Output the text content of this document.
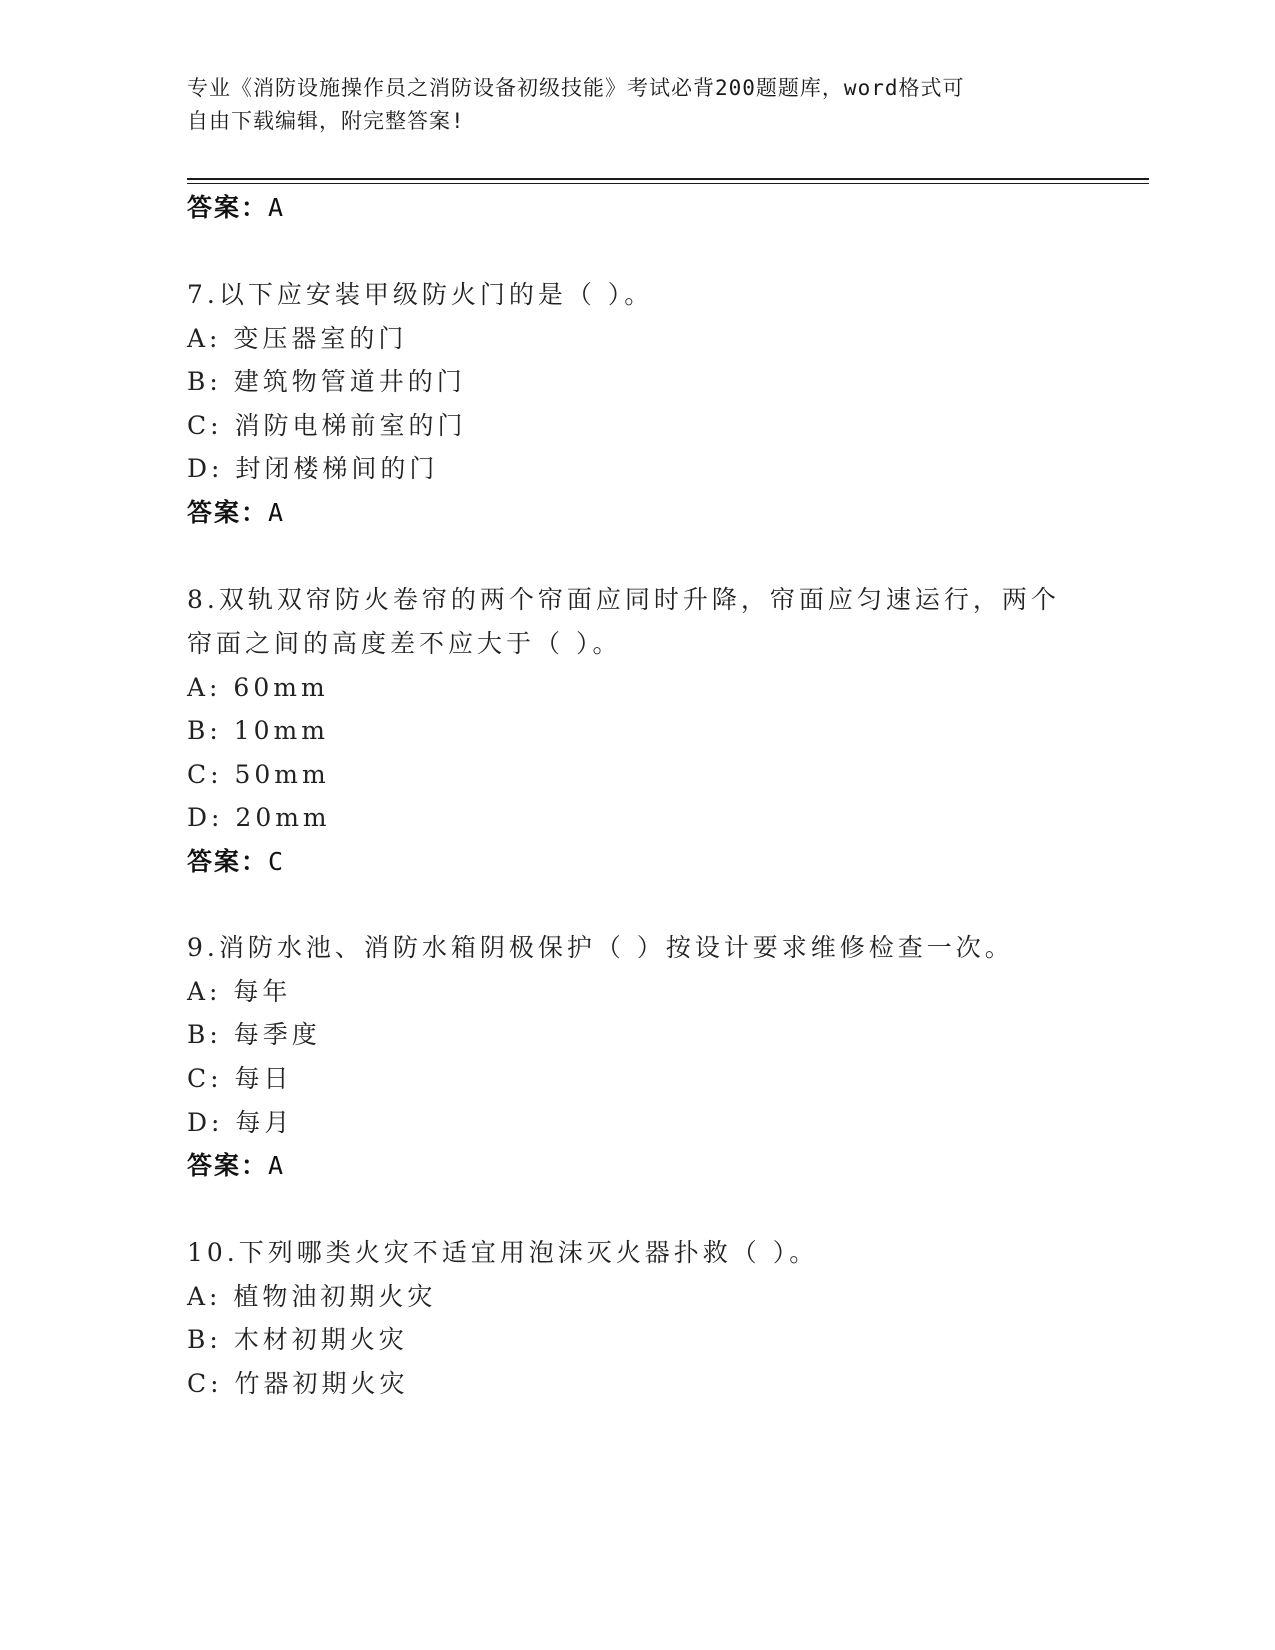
专业《消防设施操作员之消防设备初级技能》考试必背200题题库，word格式可
自由下载编辑，附完整答案!
答案：A
7.以下应安装甲级防火门的是（ ）。
A: 变压器室的门
B: 建筑物管道井的门
C: 消防电梯前室的门
D: 封闭楼梯间的门
答案：A
8.双轨双帘防火卷帘的两个帘面应同时升降，帘面应匀速运行，两个
帘面之间的高度差不应大于（ ）。
A: 60mm
B: 10mm
C: 50mm
D: 20mm
答案：C
9.消防水池、消防水箱阴极保护（ ）按设计要求维修检查一次。
A: 每年
B: 每季度
C: 每日
D: 每月
答案：A
10.下列哪类火灾不适宜用泡沫灭火器扑救（ ）。
A: 植物油初期火灾
B: 木材初期火灾
C: 竹器初期火灾
